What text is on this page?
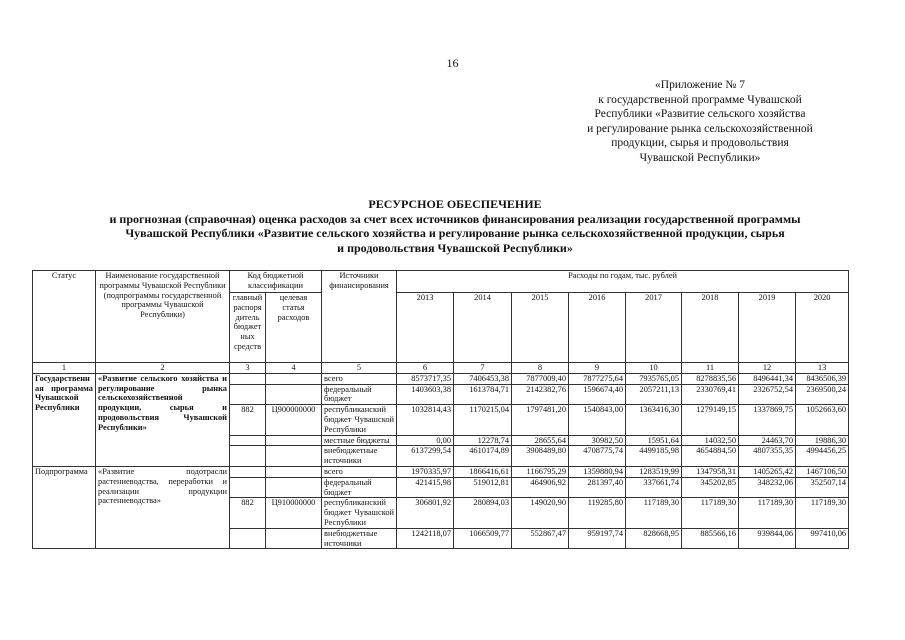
16
«Приложение № 7
к государственной программе Чувашской
Республики «Развитие сельского хозяйства
и регулирование рынка сельскохозяйственной
продукции, сырья и продовольствия
Чувашской Республики»
РЕСУРСНОЕ ОБЕСПЕЧЕНИЕ
и прогнозная (справочная) оценка расходов за счет всех источников финансирования реализации государственной программы
Чувашской Республики «Развитие сельского хозяйства и регулирование рынка сельскохозяйственной продукции, сырья
и продовольствия Чувашской Республики»
Статус	Наименование государственной программы Чувашской Республики (подпрограммы государственной программы Чувашской Республики)	Код бюджетной классификации		Источники финансирования	Расходы по годам, тыс. рублей							
		главный распорядитель бюджетных средств	целевая статья расходов		2013	2014	2015	2016	2017	2018	2019	2020
1	2	3	4	5	6	7	8	9	10	11	12	13
Государственная программа Чувашской Республики	«Развитие сельского хозяйства и регулирование рынка сельскохозяйственной продукции, сырья и продовольствия Чувашской Республики»			всего	8573717,35	7406453,38	7877009,40	7877275,64	7935765,05	8278835,56	8496441,34	8436506,39
				федеральный бюджет	1403603,38	1613784,71	2142382,76	1596674,40	2057211,13	2330769,41	2326752,54	2369500,24
		882	Ц900000000	республиканский бюджет Чувашской Республики	1032814,43	1170215,04	1797481,20	1540843,00	1363416,30	1279149,15	1337869,75	1052663,60
				местные бюджеты	0,00	12278,74	28655,64	30982,50	15951,64	14032,50	24463,70	19886,30
				внебюджетные источники	6137299,54	4610174,89	3908489,80	4708775,74	4499185,98	4654884,50	4807355,35	4994456,25
Подпрограмма	«Развитие подотрасли растениеводства, переработки и реализации продукции растениеводства»			всего	1970335,97	1866416,61	1166795,29	1359880,94	1283519,99	1347958,31	1405265,42	1467106,50
				федеральный бюджет	421415,98	519012,81	464906,92	281397,40	337661,74	345202,85	348232,06	352507,14
		882	Ц910000000	республиканский бюджет Чувашской Республики	306801,92	280894,03	149020,90	119285,80	117189,30	117189,30	117189,30	117189,30
				внебюджетные источники	1242118,07	1066509,77	552867,47	959197,74	828668,95	885566,16	939844,06	997410,06
